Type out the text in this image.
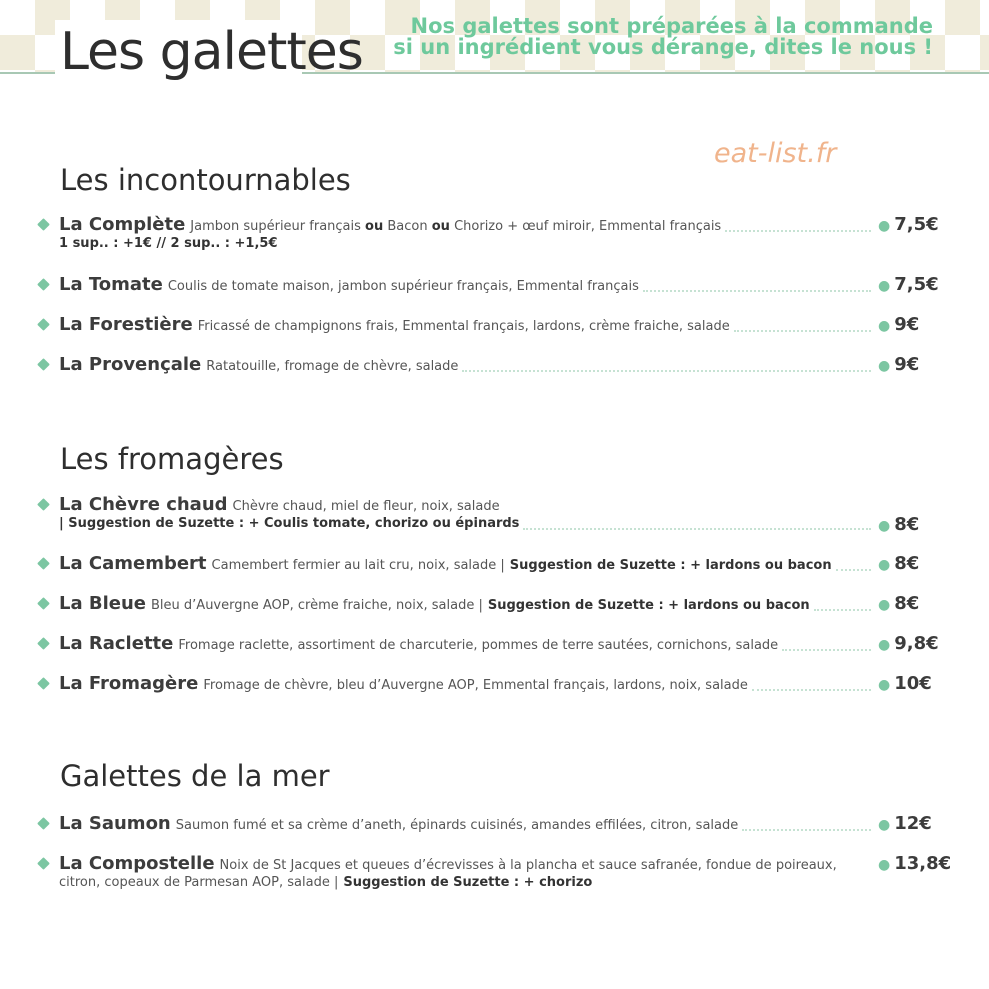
Les galettes	Nos galettes sont préparées à la commande
si un ingrédient vous dérange, dites le nous !
eat-list.fr
Les incontournables
La Complète Jambon supérieur français ou Bacon ou Chorizo + œuf miroir, Emmental français
1 sup.. : +1€ // 2 sup.. : +1,5€
● 7,5€
La Tomate Coulis de tomate maison, jambon supérieur français, Emmental français	● 7,5€
La Forestière Fricassé de champignons frais, Emmental français, lardons, crème fraiche, salade	● 9€
La Provençale Ratatouille, fromage de chèvre, salade	● 9€
Les fromagères
La Chèvre chaud Chèvre chaud, miel de fleur, noix, salade
| Suggestion de Suzette : + Coulis tomate, chorizo ou épinards	● 8€
La Camembert Camembert fermier au lait cru, noix, salade | Suggestion de Suzette : + lardons ou bacon	● 8€
La Bleue Bleu d’Auvergne AOP, crème fraiche, noix, salade | Suggestion de Suzette : + lardons ou bacon	● 8€
La Raclette Fromage raclette, assortiment de charcuterie, pommes de terre sautées, cornichons, salade	● 9,8€
La Fromagère Fromage de chèvre, bleu d’Auvergne AOP, Emmental français, lardons, noix, salade	● 10€
Galettes de la mer
La Saumon Saumon fumé et sa crème d’aneth, épinards cuisinés, amandes effilées, citron, salade	● 12€
La Compostelle Noix de St Jacques et queues d’écrevisses à la plancha et sauce safranée, fondue de poireaux,
citron, copeaux de Parmesan AOP, salade | Suggestion de Suzette : + chorizo
● 13,8€
